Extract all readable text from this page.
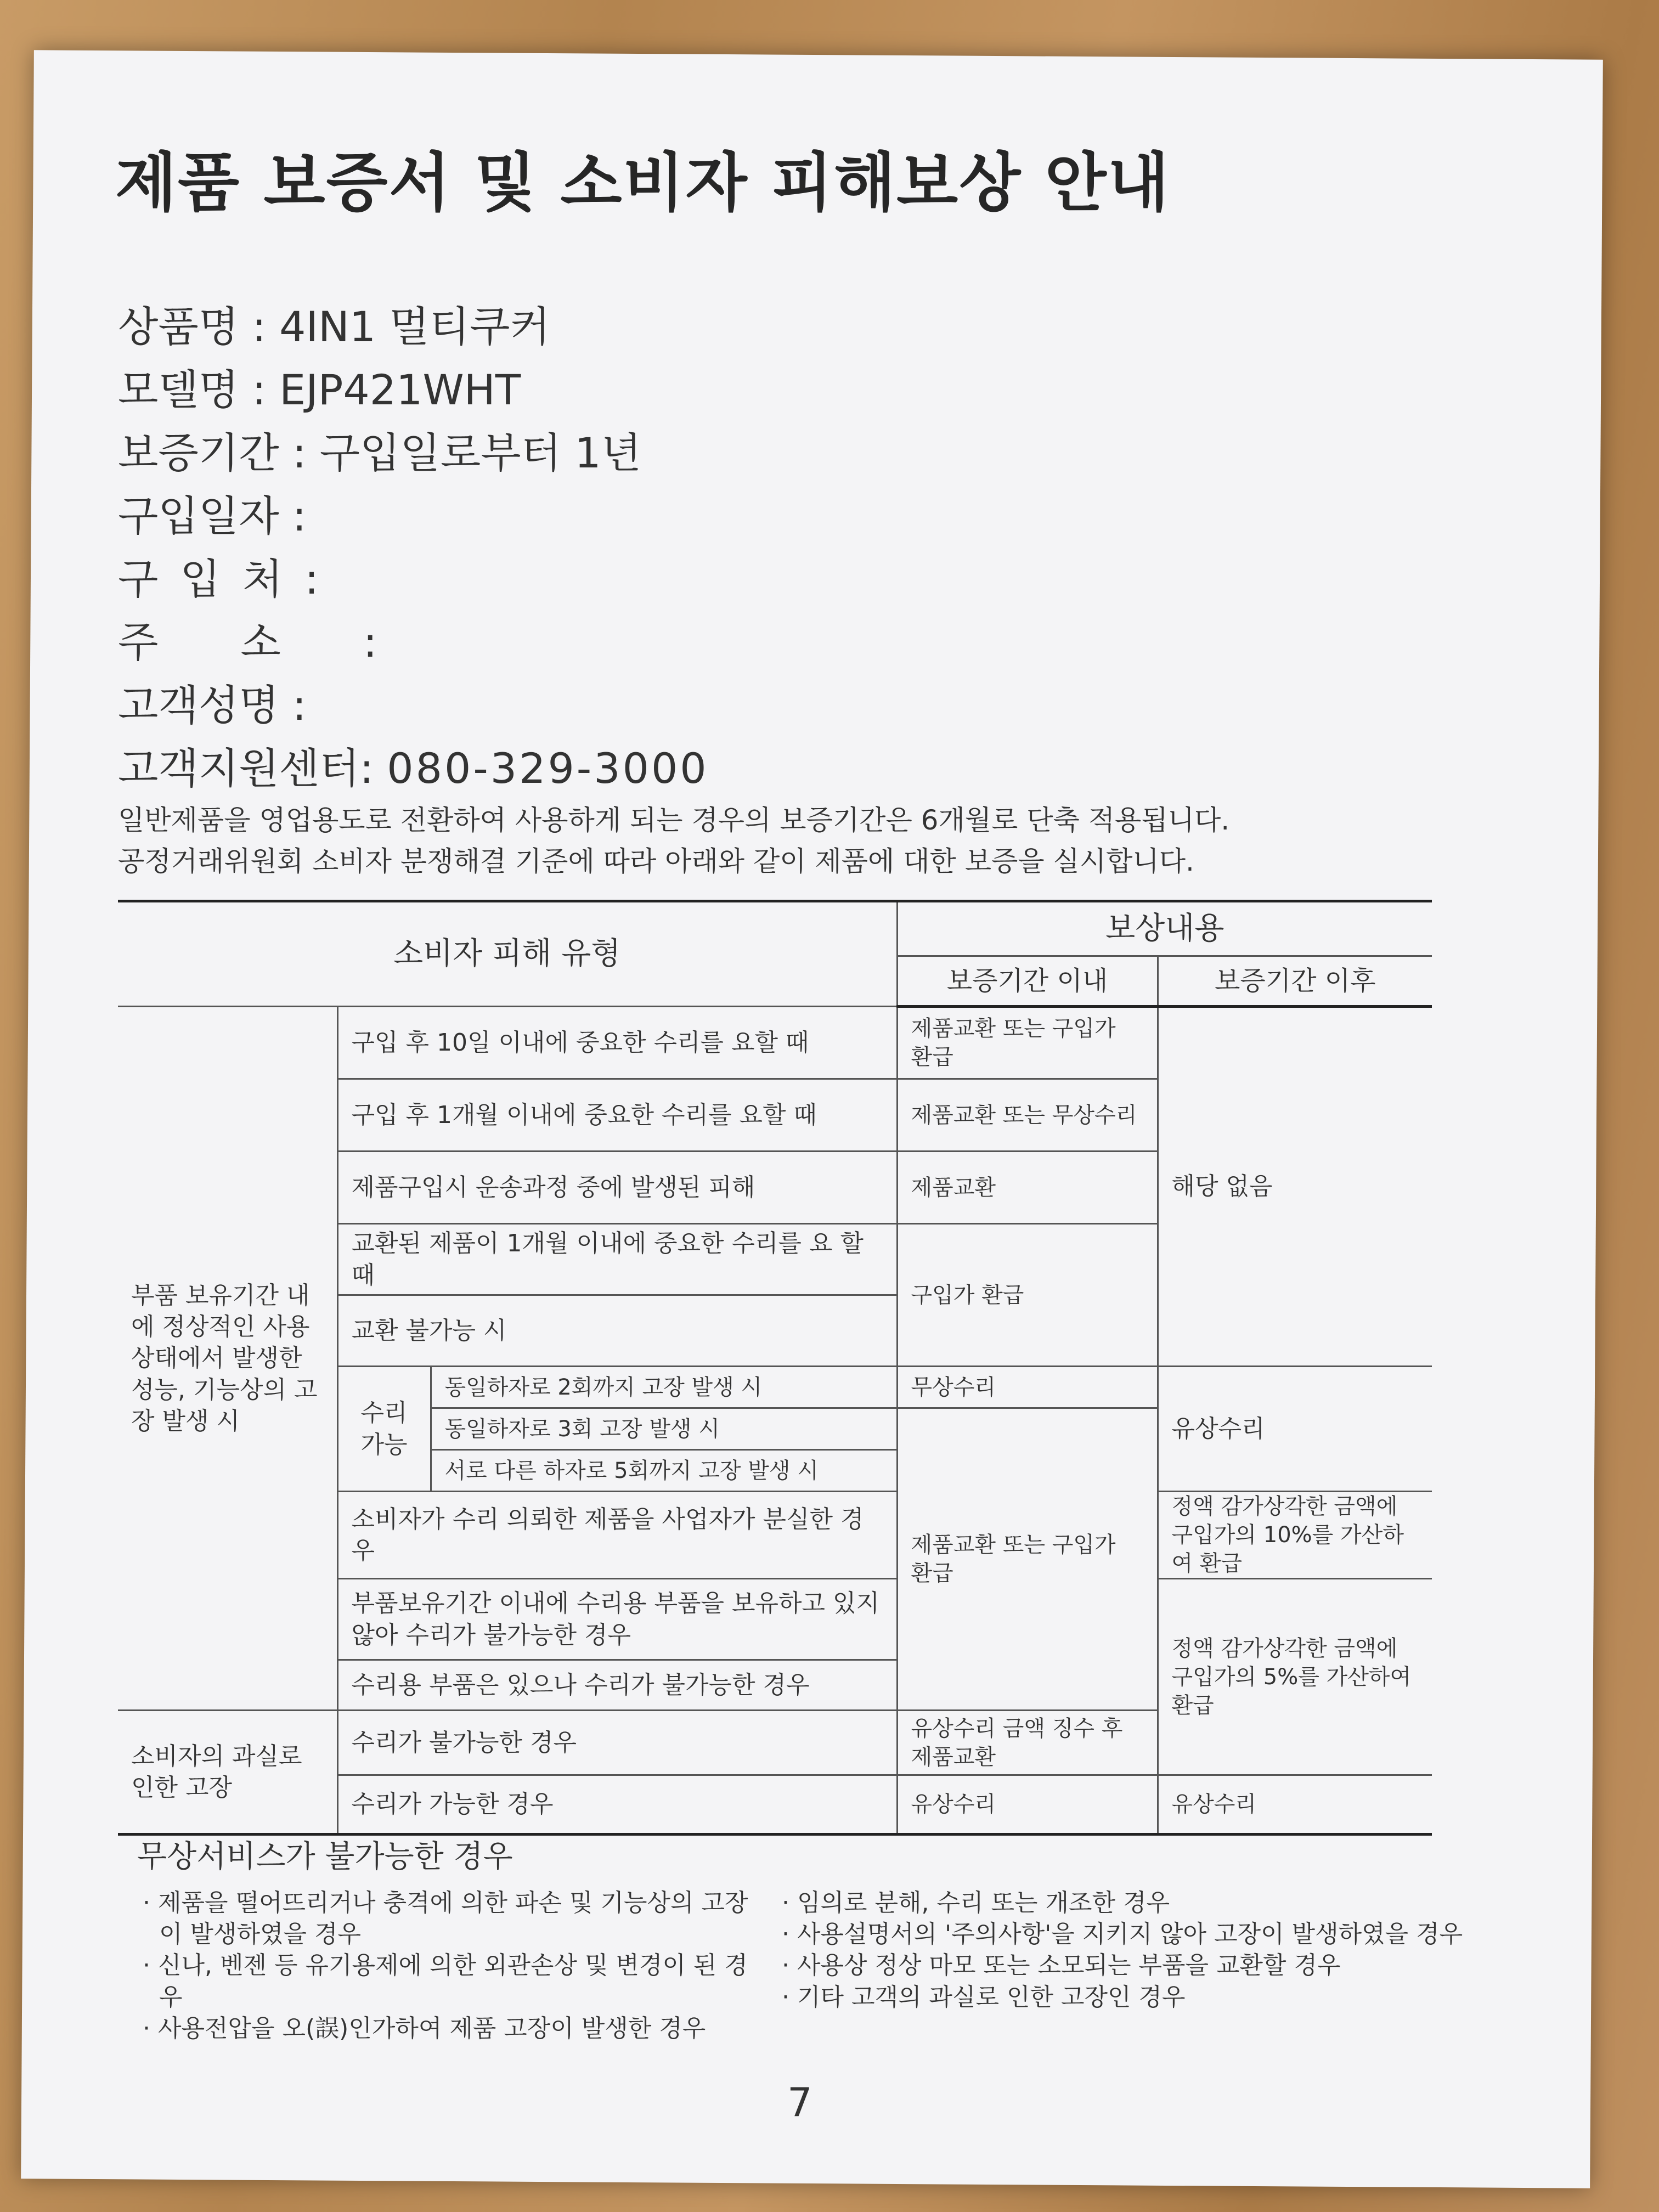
제품 보증서 및 소비자 피해보상 안내
상품명 : 4IN1 멀티쿠커
모델명 : EJP421WHT
보증기간 : 구입일로부터 1년
구입일자 :
구입처:
주소:
고객성명 :
고객지원센터: 080-329-3000
일반제품을 영업용도로 전환하여 사용하게 되는 경우의 보증기간은 6개월로 단축 적용됩니다.
공정거래위원회 소비자 분쟁해결 기준에 따라 아래와 같이 제품에 대한 보증을 실시합니다.
소비자 피해 유형			보상내용	
			보증기간 이내	보증기간 이후
부품 보유기간 내에 정상적인 사용 상태에서 발생한 성능, 기능상의 고장 발생 시	구입 후 10일 이내에 중요한 수리를 요할 때		제품교환 또는 구입가 환급	해당 없음
	구입 후 1개월 이내에 중요한 수리를 요할 때		제품교환 또는 무상수리	
	제품구입시 운송과정 중에 발생된 피해		제품교환	
	교환된 제품이 1개월 이내에 중요한 수리를 요 할때		구입가 환급	
	교환 불가능 시			
	수리 가능	동일하자로 2회까지 고장 발생 시	무상수리	유상수리
		동일하자로 3회 고장 발생 시	제품교환 또는 구입가 환급	
		서로 다른 하자로 5회까지 고장 발생 시		
	소비자가 수리 의뢰한 제품을 사업자가 분실한 경우			정액 감가상각한 금액에 구입가의 10%를 가산하여 환급
	부품보유기간 이내에 수리용 부품을 보유하고 있지 않아 수리가 불가능한 경우			정액 감가상각한 금액에 구입가의 5%를 가산하여 환급
	수리용 부품은 있으나 수리가 불가능한 경우			
소비자의 과실로 인한 고장	수리가 불가능한 경우		유상수리 금액 징수 후 제품교환	
	수리가 가능한 경우		유상수리	유상수리
무상서비스가 불가능한 경우
· 제품을 떨어뜨리거나 충격에 의한 파손 및 기능상의 고장이 발생하였을 경우
· 신나, 벤젠 등 유기용제에 의한 외관손상 및 변경이 된 경우
· 사용전압을 오(誤)인가하여 제품 고장이 발생한 경우
· 임의로 분해, 수리 또는 개조한 경우
· 사용설명서의 '주의사항'을 지키지 않아 고장이 발생하였을 경우
· 사용상 정상 마모 또는 소모되는 부품을 교환할 경우
· 기타 고객의 과실로 인한 고장인 경우
7
